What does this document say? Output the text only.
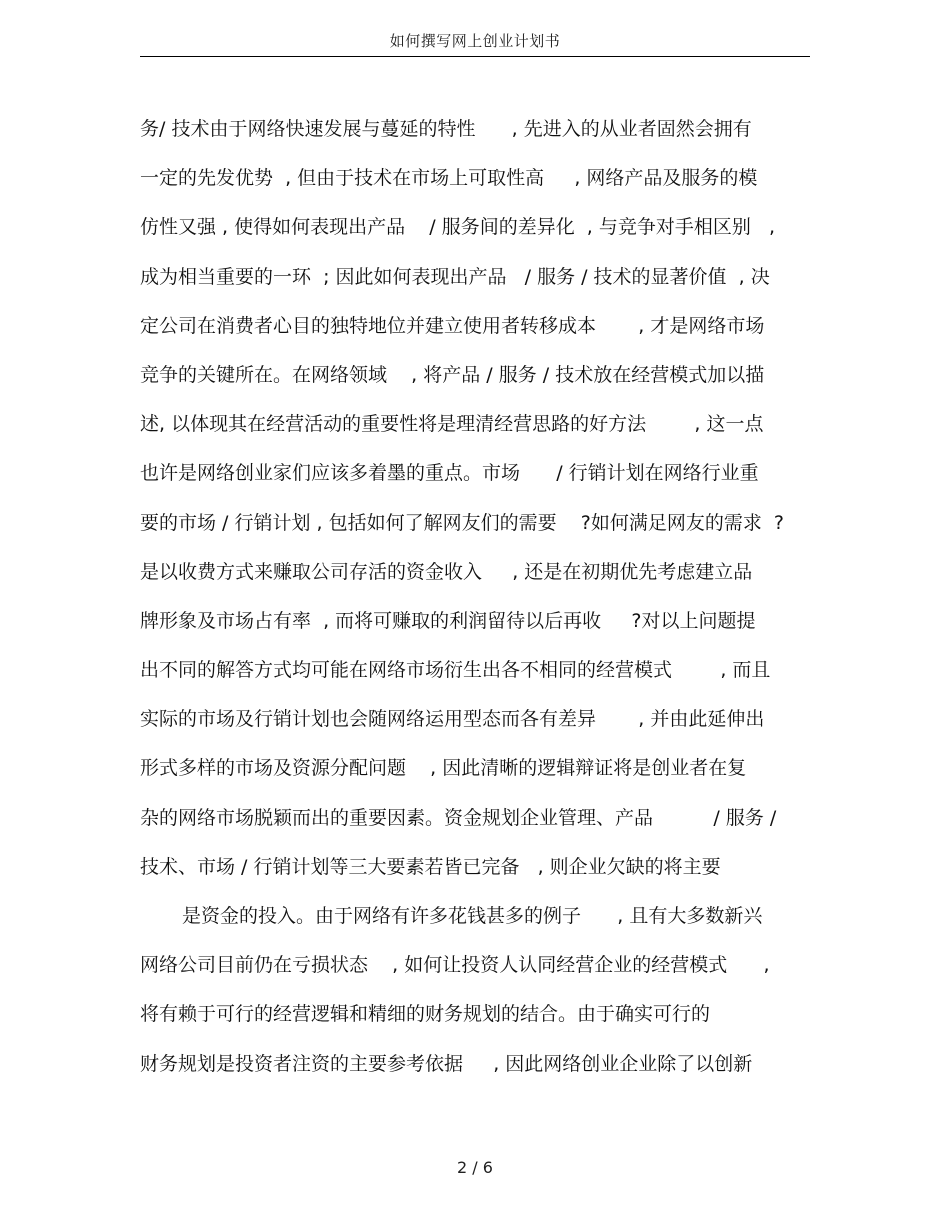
如何撰写网上创业计划书
务/ 技术由于网络快速发展与蔓延的特性      , 先进入的从业者固然会拥有
一定的先发优势  , 但由于技术在市场上可取性高     , 网络产品及服务的模
仿性又强 , 使得如何表现出产品    / 服务间的差异化  , 与竞争对手相区别   ,
成为相当重要的一环  ; 因此如何表现出产品   / 服务 / 技术的显著价值  , 决
定公司在消费者心目的独特地位并建立使用者转移成本       , 才是网络市场
竞争的关键所在。在网络领域    , 将产品 / 服务 / 技术放在经营模式加以描
述, 以体现其在经营活动的重要性将是理清经营思路的好方法        , 这一点
也许是网络创业家们应该多着墨的重点。市场      / 行销计划在网络行业重
要的市场 / 行销计划 , 包括如何了解网友们的需要    ?如何满足网友的需求  ?
是以收费方式来赚取公司存活的资金收入     , 还是在初期优先考虑建立品
牌形象及市场占有率  , 而将可赚取的利润留待以后再收     ?对以上问题提
出不同的解答方式均可能在网络市场衍生出各不相同的经营模式        , 而且
实际的市场及行销计划也会随网络运用型态而各有差异       , 并由此延伸出
形式多样的市场及资源分配问题    , 因此清晰的逻辑辩证将是创业者在复
杂的网络市场脱颖而出的重要因素。资金规划企业管理、产品          / 服务 /
技术、市场 / 行销计划等三大要素若皆已完备   , 则企业欠缺的将主要
是资金的投入。由于网络有许多花钱甚多的例子      , 且有大多数新兴
网络公司目前仍在亏损状态    , 如何让投资人认同经营企业的经营模式      ,
将有赖于可行的经营逻辑和精细的财务规划的结合。由于确实可行的
财务规划是投资者注资的主要参考依据     , 因此网络创业企业除了以创新
2 / 6
